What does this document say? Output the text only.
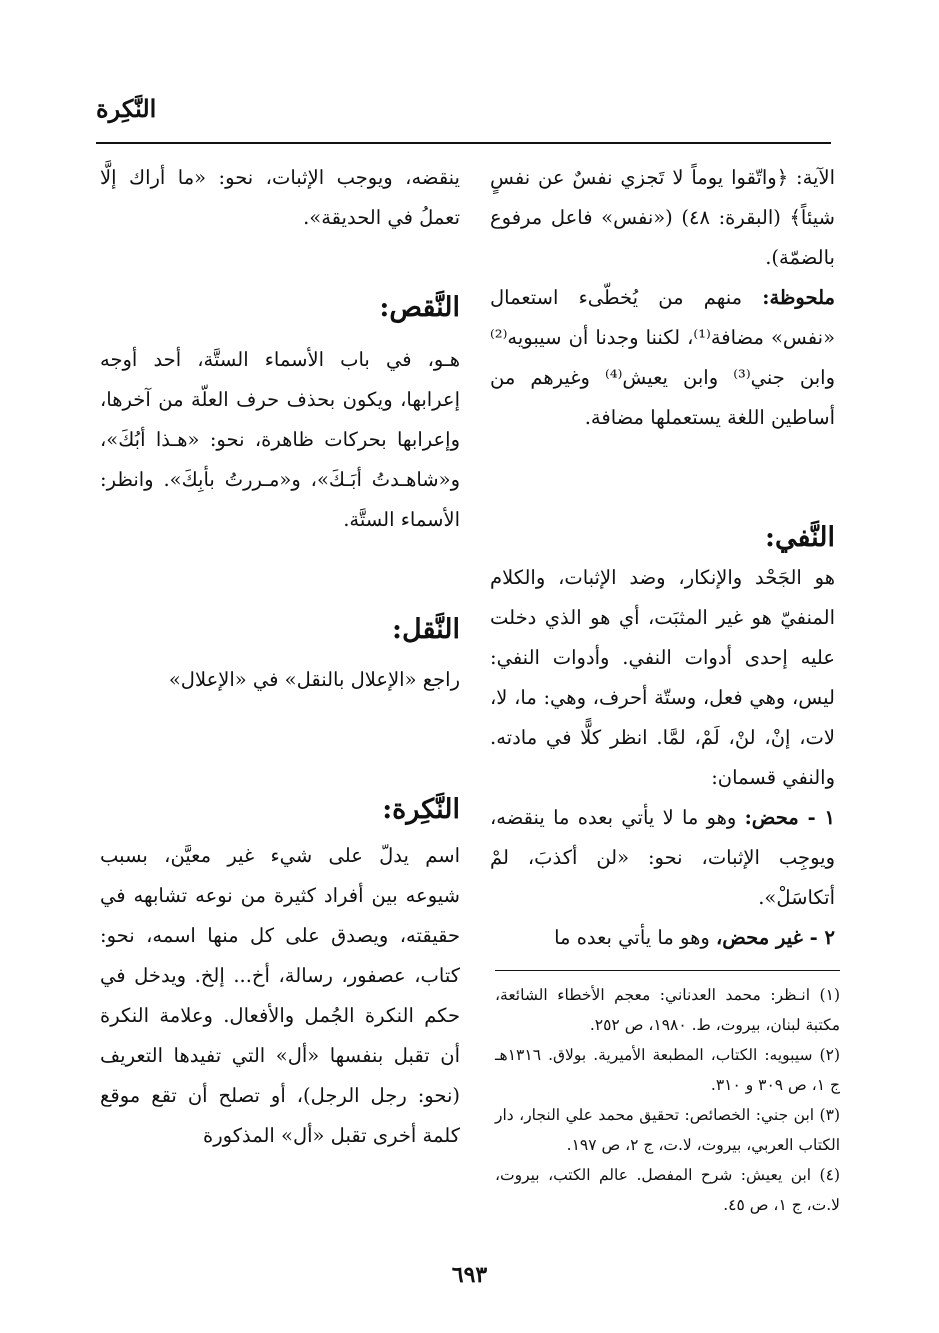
النَّكِرة

الآية: ﴿واتّقوا يوماً لا تَجزي نفسٌ عن نفسٍ شيئاً﴾ (البقرة: ٤٨) («نفس» فاعل مرفوع بالضمّة).

ملحوظة: منهم من يُخطّىء استعمال «نفس» مضافة⁽¹⁾، لكننا وجدنا أن سيبويه⁽²⁾ وابن جني⁽³⁾ وابن يعيش⁽⁴⁾ وغيرهم من أساطين اللغة يستعملها مضافة.

النَّفي:

هو الجَحْد والإنكار، وضد الإثبات، والكلام المنفيّ هو غير المثبَت، أي هو الذي دخلت عليه إحدى أدوات النفي. وأدوات النفي: ليس، وهي فعل، وستّة أحرف، وهي: ما، لا، لات، إنْ، لنْ، لَمْ، لمَّا. انظر كلًّا في مادته. والنفي قسمان:

١ - محض: وهو ما لا يأتي بعده ما ينقضه، ويوجِب الإثبات، نحو: «لن أكذبَ، لمْ أتكاسَلْ».

٢ - غير محض، وهو ما يأتي بعده ما

ينقضه، ويوجب الإثبات، نحو: «ما أراك إلَّا تعملُ في الحديقة».

النَّقص:

هـو، في باب الأسماء الستَّة، أحد أوجه إعرابها، ويكون بحذف حرف العلّة من آخرها، وإعرابها بحركات ظاهرة، نحو: «هـذا أبُكَ»، و«شاهـدتُ أبَـكَ»، و«مـررتُ بأبِكَ». وانظر: الأسماء الستَّة.

النَّقل:

راجع «الإعلال بالنقل» في «الإعلال»

النَّكِرة:

اسم يدلّ على شيء غير معيَّن، بسبب شيوعه بين أفراد كثيرة من نوعه تشابهه في حقيقته، ويصدق على كل منها اسمه، نحو: كتاب، عصفور، رسالة، أخ... إلخ. ويدخل في حكم النكرة الجُمل والأفعال. وعلامة النكرة أن تقبل بنفسها «أل» التي تفيدها التعريف (نحو: رجل الرجل)، أو تصلح أن تقع موقع كلمة أخرى تقبل «أل» المذكورة

(١) انـظر: محمد العدناني: معجم الأخطاء الشائعة، مكتبة لبنان، بيروت، ط. ١٩٨٠، ص ٢٥٢.

(٢) سيبويه: الكتاب، المطبعة الأميرية. بولاق. ١٣١٦هـ ج ١، ص ٣٠٩ و ٣١٠.

(٣) ابن جني: الخصائص: تحقيق محمد علي النجار، دار الكتاب العربي، بيروت، لا.ت، ج ٢، ص ١٩٧.

(٤) ابن يعيش: شرح المفصل. عالم الكتب، بيروت، لا.ت، ج ١، ص ٤٥.

٦٩٣
